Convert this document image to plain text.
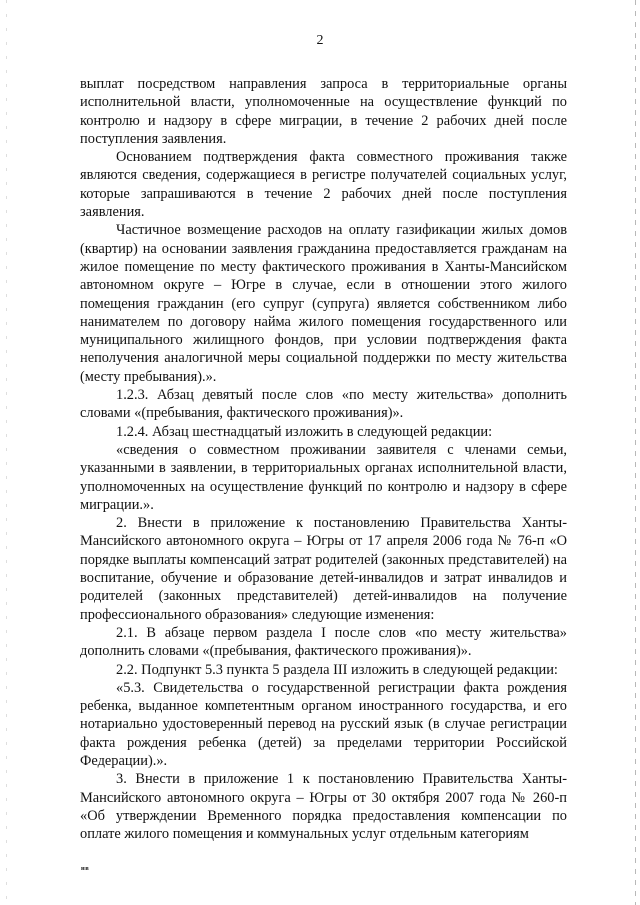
2

выплат посредством направления запроса в территориальные органы исполнительной власти, уполномоченные на осуществление функций по контролю и надзору в сфере миграции, в течение 2 рабочих дней после поступления заявления.

Основанием подтверждения факта совместного проживания также являются сведения, содержащиеся в регистре получателей социальных услуг, которые запрашиваются в течение 2 рабочих дней после поступления заявления.

Частичное возмещение расходов на оплату газификации жилых домов (квартир) на основании заявления гражданина предоставляется гражданам на жилое помещение по месту фактического проживания в Ханты-Мансийском автономном округе – Югре в случае, если в отношении этого жилого помещения гражданин (его супруг (супруга) является собственником либо нанимателем по договору найма жилого помещения государственного или муниципального жилищного фондов, при условии подтверждения факта неполучения аналогичной меры социальной поддержки по месту жительства (месту пребывания).».

1.2.3. Абзац девятый после слов «по месту жительства» дополнить словами «(пребывания, фактического проживания)».

1.2.4. Абзац шестнадцатый изложить в следующей редакции:

«сведения о совместном проживании заявителя с членами семьи, указанными в заявлении, в территориальных органах исполнительной власти, уполномоченных на осуществление функций по контролю и надзору в сфере миграции.».

2. Внести в приложение к постановлению Правительства Ханты-Мансийского автономного округа – Югры от 17 апреля 2006 года № 76-п «О порядке выплаты компенсаций затрат родителей (законных представителей) на воспитание, обучение и образование детей-инвалидов и затрат инвалидов и родителей (законных представителей) детей-инвалидов на получение профессионального образования» следующие изменения:

2.1. В абзаце первом раздела I после слов «по месту жительства» дополнить словами «(пребывания, фактического проживания)».

2.2. Подпункт 5.3 пункта 5 раздела III изложить в следующей редакции:

«5.3. Свидетельства о государственной регистрации факта рождения ребенка, выданное компетентным органом иностранного государства, и его нотариально удостоверенный перевод на русский язык (в случае регистрации факта рождения ребенка (детей) за пределами территории Российской Федерации).».

3. Внести в приложение 1 к постановлению Правительства Ханты-Мансийского автономного округа – Югры от 30 октября 2007 года № 260-п «Об утверждении Временного порядка предоставления компенсации по оплате жилого помещения и коммунальных услуг отдельным категориям

нв
